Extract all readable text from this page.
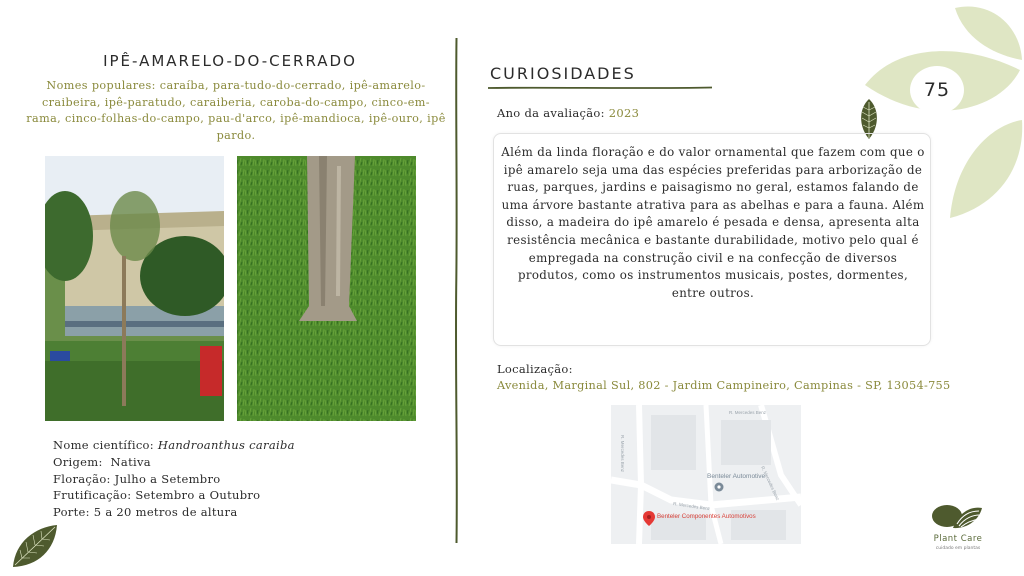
75
IPÊ-AMARELO-DO-CERRADO
Nomes populares: caraíba, para-tudo-do-cerrado, ipê-amarelo-craibeira, ipê-paratudo, caraiberia, caroba-do-campo, cinco-em-rama, cinco-folhas-do-campo, pau-d'arco, ipê-mandioca, ipê-ouro, ipê pardo.
Nome científico: Handroanthus caraiba
Origem:  Nativa
Floração: Julho a Setembro
Frutificação: Setembro a Outubro
Porte: 5 a 20 metros de altura
CURIOSIDADES
Ano da avaliação: 2023
Além da linda floração e do valor ornamental que fazem com que o ipê amarelo seja uma das espécies preferidas para arborização de ruas, parques, jardins e paisagismo no geral, estamos falando de uma árvore bastante atrativa para as abelhas e para a fauna. Além disso, a madeira do ipê amarelo é pesada e densa, apresenta alta resistência mecânica e bastante durabilidade, motivo pelo qual é empregada na construção civil e na confecção de diversos produtos, como os instrumentos musicais, postes, dormentes, entre outros.
Localização:
Avenida, Marginal Sul, 802 - Jardim Campineiro, Campinas - SP, 13054-755
Benteler Automotive
Benteler Componentes Automotivos
R. Mercedes Benz
R. Mercedes Benz
R. Mercedes Benz
R. Mercedes Benz
Plant Care
cuidado em plantas
